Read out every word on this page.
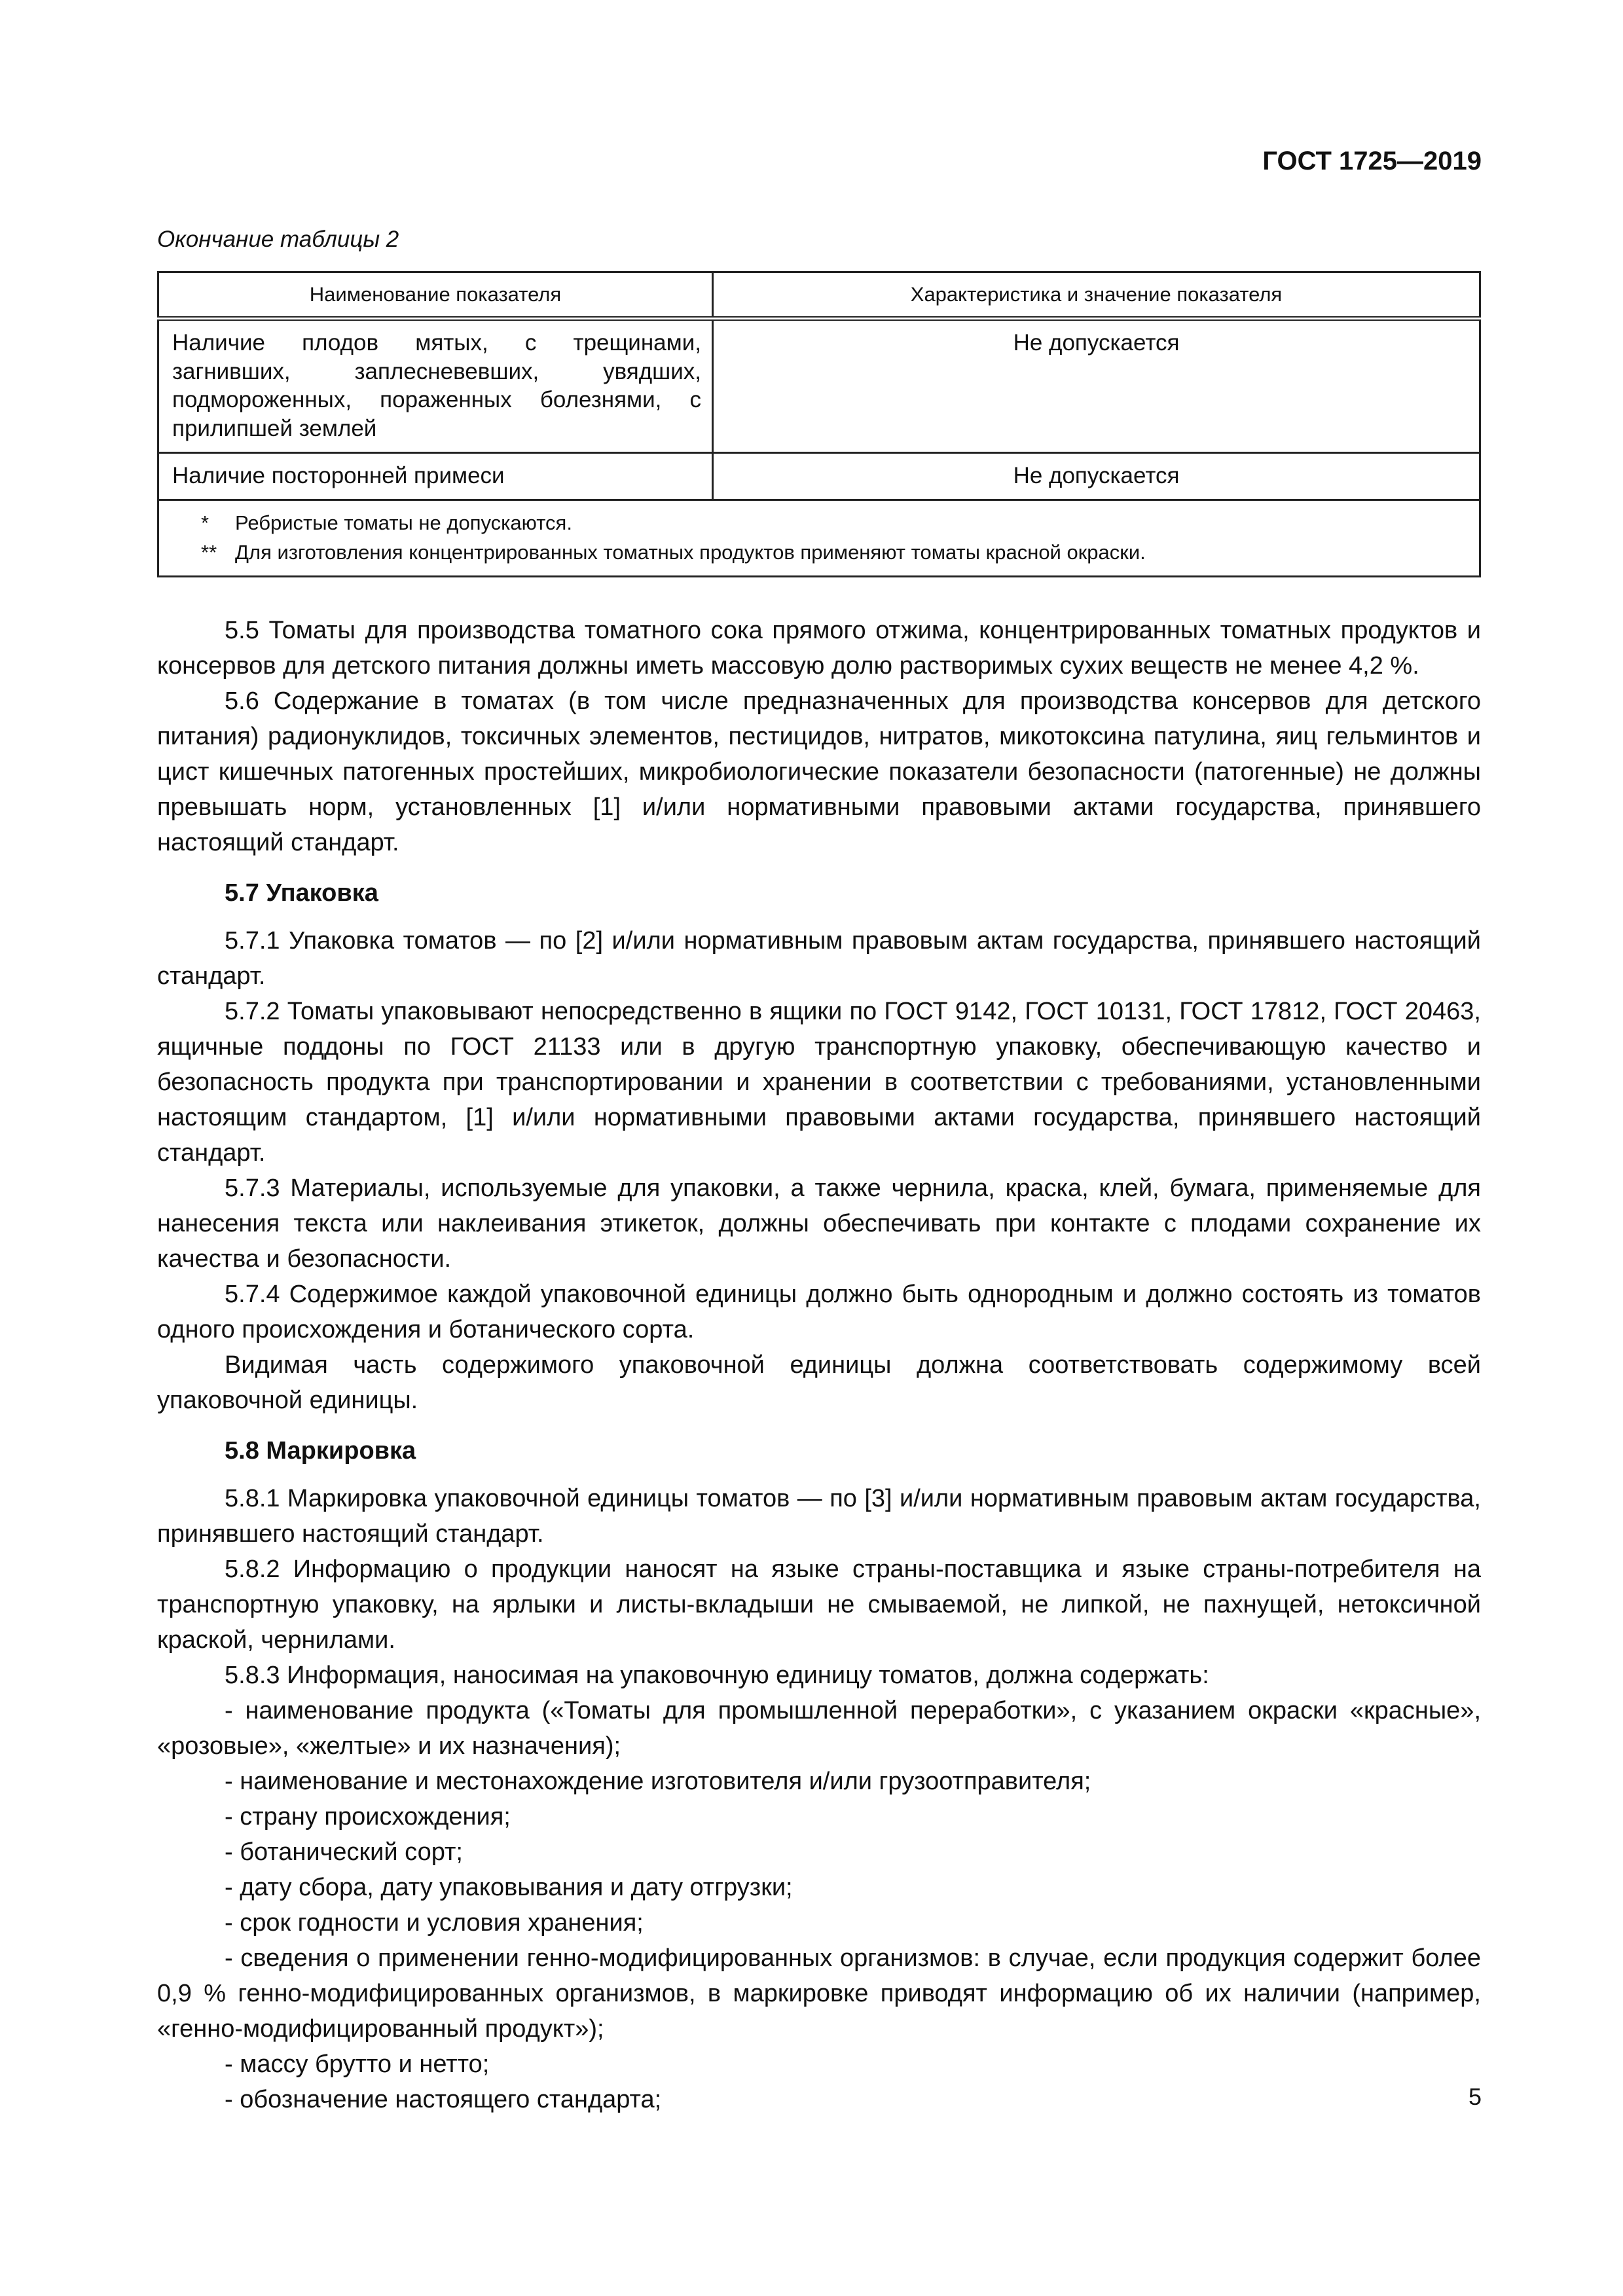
ГОСТ 1725—2019
Окончание таблицы 2
Наименование показателя	Характеристика и значение показателя
Наличие плодов мятых, с трещинами, загнивших, заплесневевших, увядших, подмороженных, пораженных болезнями, с прилипшей землей	Не допускается
Наличие посторонней примеси	Не допускается

* Ребристые томаты не допускаются.
** Для изготовления концентрированных томатных продуктов применяют томаты красной окраски.	

5.5 Томаты для производства томатного сока прямого отжима, концентрированных томатных продуктов и консервов для детского питания должны иметь массовую долю растворимых сухих веществ не менее 4,2 %.

5.6 Содержание в томатах (в том числе предназначенных для производства консервов для детского питания) радионуклидов, токсичных элементов, пестицидов, нитратов, микотоксина патулина, яиц гельминтов и цист кишечных патогенных простейших, микробиологические показатели безопасности (патогенные) не должны превышать норм, установленных [1] и/или нормативными правовыми актами государства, принявшего настоящий стандарт.

5.7 Упаковка

5.7.1 Упаковка томатов — по [2] и/или нормативным правовым актам государства, принявшего настоящий стандарт.

5.7.2 Томаты упаковывают непосредственно в ящики по ГОСТ 9142, ГОСТ 10131, ГОСТ 17812, ГОСТ 20463, ящичные поддоны по ГОСТ 21133 или в другую транспортную упаковку, обеспечивающую качество и безопасность продукта при транспортировании и хранении в соответствии с требованиями, установленными настоящим стандартом, [1] и/или нормативными правовыми актами государства, принявшего настоящий стандарт.

5.7.3 Материалы, используемые для упаковки, а также чернила, краска, клей, бумага, применяемые для нанесения текста или наклеивания этикеток, должны обеспечивать при контакте с плодами сохранение их качества и безопасности.

5.7.4 Содержимое каждой упаковочной единицы должно быть однородным и должно состоять из томатов одного происхождения и ботанического сорта.

Видимая часть содержимого упаковочной единицы должна соответствовать содержимому всей упаковочной единицы.

5.8 Маркировка

5.8.1 Маркировка упаковочной единицы томатов — по [3] и/или нормативным правовым актам государства, принявшего настоящий стандарт.

5.8.2 Информацию о продукции наносят на языке страны-поставщика и языке страны-потребителя на транспортную упаковку, на ярлыки и листы-вкладыши не смываемой, не липкой, не пахнущей, нетоксичной краской, чернилами.

5.8.3 Информация, наносимая на упаковочную единицу томатов, должна содержать:

- наименование продукта («Томаты для промышленной переработки», с указанием окраски «красные», «розовые», «желтые» и их назначения);

- наименование и местонахождение изготовителя и/или грузоотправителя;

- страну происхождения;

- ботанический сорт;

- дату сбора, дату упаковывания и дату отгрузки;

- срок годности и условия хранения;

- сведения о применении генно-модифицированных организмов: в случае, если продукция содержит более 0,9 % генно-модифицированных организмов, в маркировке приводят информацию об их наличии (например, «генно-модифицированный продукт»);

- массу брутто и нетто;

- обозначение настоящего стандарта;	5
